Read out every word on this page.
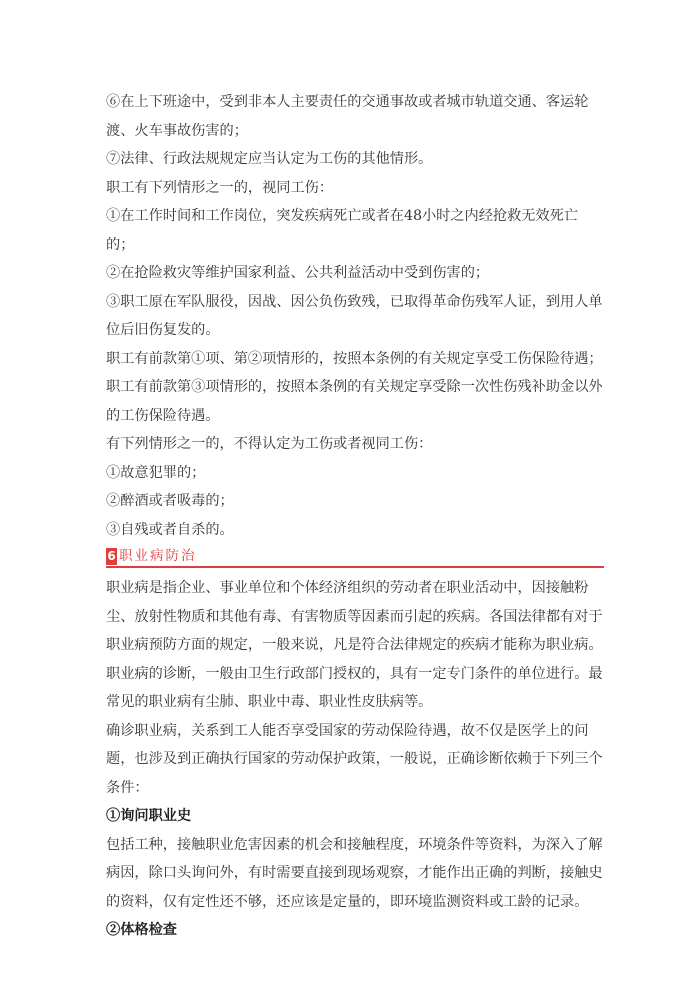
⑥在上下班途中，受到非本人主要责任的交通事故或者城市轨道交通、客运轮渡、火车事故伤害的；

⑦法律、行政法规规定应当认定为工伤的其他情形。

职工有下列情形之一的，视同工伤：

①在工作时间和工作岗位，突发疾病死亡或者在48小时之内经抢救无效死亡的；

②在抢险救灾等维护国家利益、公共利益活动中受到伤害的；

③职工原在军队服役，因战、因公负伤致残，已取得革命伤残军人证，到用人单位后旧伤复发的。

职工有前款第①项、第②项情形的，按照本条例的有关规定享受工伤保险待遇；职工有前款第③项情形的，按照本条例的有关规定享受除一次性伤残补助金以外的工伤保险待遇。

有下列情形之一的，不得认定为工伤或者视同工伤：

①故意犯罪的；

②醉酒或者吸毒的；

③自残或者自杀的。

6 职业病防治

职业病是指企业、事业单位和个体经济组织的劳动者在职业活动中，因接触粉尘、放射性物质和其他有毒、有害物质等因素而引起的疾病。各国法律都有对于职业病预防方面的规定，一般来说，凡是符合法律规定的疾病才能称为职业病。职业病的诊断，一般由卫生行政部门授权的，具有一定专门条件的单位进行。最常见的职业病有尘肺、职业中毒、职业性皮肤病等。

确诊职业病，关系到工人能否享受国家的劳动保险待遇，故不仅是医学上的问题，也涉及到正确执行国家的劳动保护政策，一般说，正确诊断依赖于下列三个条件：

①询问职业史

包括工种，接触职业危害因素的机会和接触程度，环境条件等资料，为深入了解病因，除口头询问外，有时需要直接到现场观察，才能作出正确的判断，接触史的资料，仅有定性还不够，还应该是定量的，即环境监测资料或工龄的记录。

②体格检查
